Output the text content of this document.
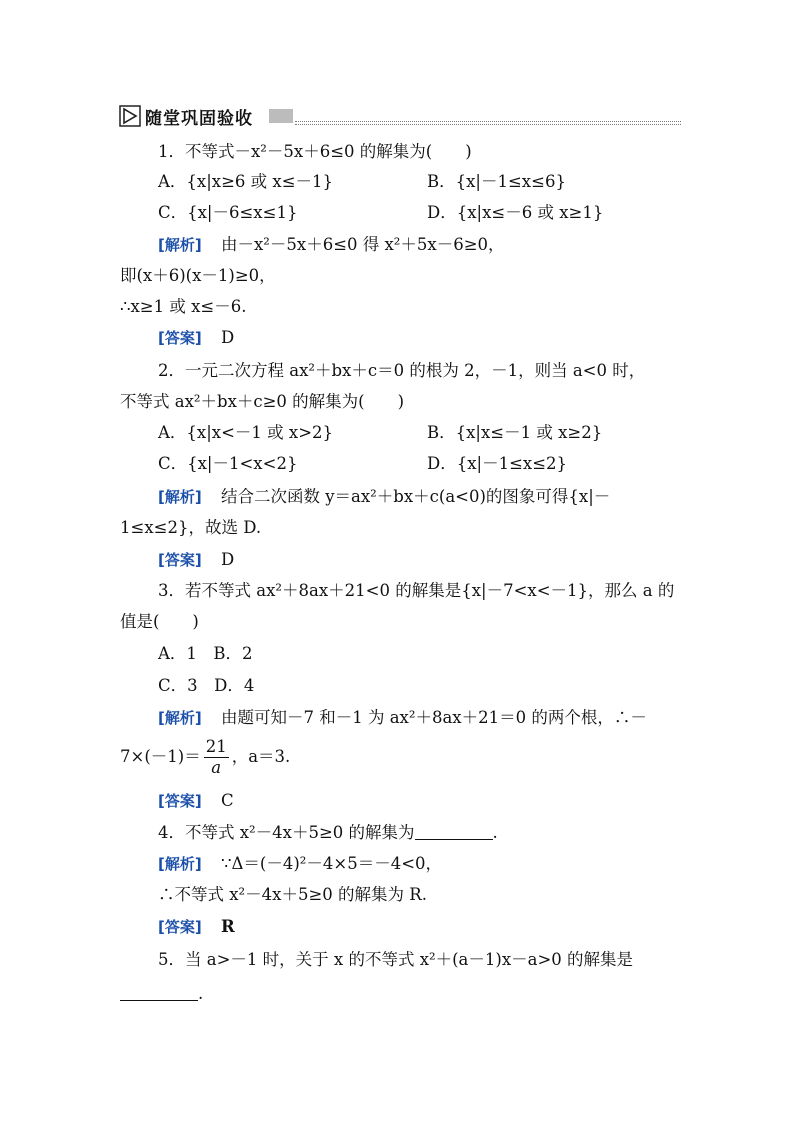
随堂巩固验收
1．不等式－x²－5x＋6≤0 的解集为(　　)
A．{x|x≥6 或 x≤－1}	B．{x|－1≤x≤6}
C．{x|－6≤x≤1}	D．{x|x≤－6 或 x≥1}
[解析] 由－x²－5x＋6≤0 得 x²＋5x－6≥0，
即(x＋6)(x－1)≥0，
∴x≥1 或 x≤－6.
[答案] D
2．一元二次方程 ax²＋bx＋c＝0 的根为 2，－1，则当 a<0 时，
不等式 ax²＋bx＋c≥0 的解集为(　　)
A．{x|x<－1 或 x>2}	B．{x|x≤－1 或 x≥2}
C．{x|－1<x<2}	D．{x|－1≤x≤2}
[解析] 结合二次函数 y＝ax²＋bx＋c(a<0)的图象可得{x|－
1≤x≤2}，故选 D.
[答案] D
3．若不等式 ax²＋8ax＋21<0 的解集是{x|－7<x<－1}，那么 a 的
值是(　　)
A．1　B．2
C．3　D．4
[解析] 由题可知－7 和－1 为 ax²＋8ax＋21＝0 的两个根，∴－
$7\times(-1)= \frac{21}{a}$ ，a＝3.
[答案] C
4．不等式 x²－4x＋5≥0 的解集为	.
[解析] ∵Δ＝(－4)²－4×5＝－4<0，
∴不等式 x²－4x＋5≥0 的解集为 R.
[答案] R
5．当 a>－1 时，关于 x 的不等式 x²＋(a－1)x－a>0 的解集是
.
